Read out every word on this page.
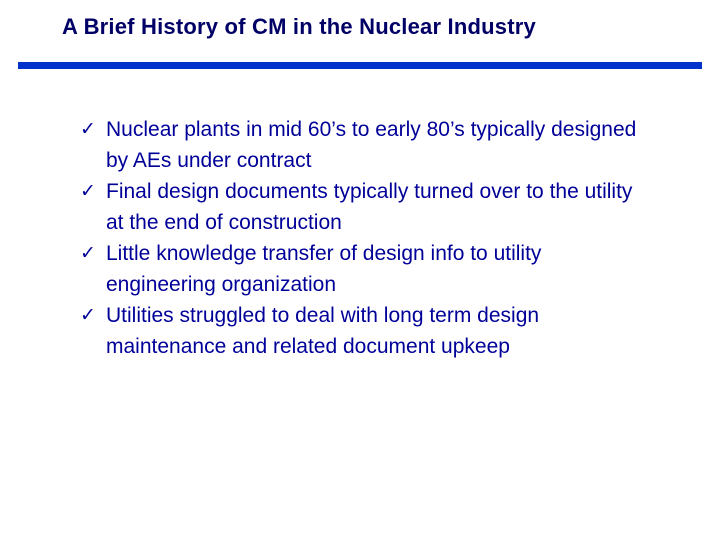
A Brief History of CM in the Nuclear Industry
✓ Nuclear plants in mid 60’s to early 80’s typically designed by AEs under contract
✓ Final design documents typically turned over to the utility at the end of construction
✓ Little knowledge transfer of design info to utility engineering organization
✓ Utilities struggled to deal with long term design maintenance and related document upkeep
